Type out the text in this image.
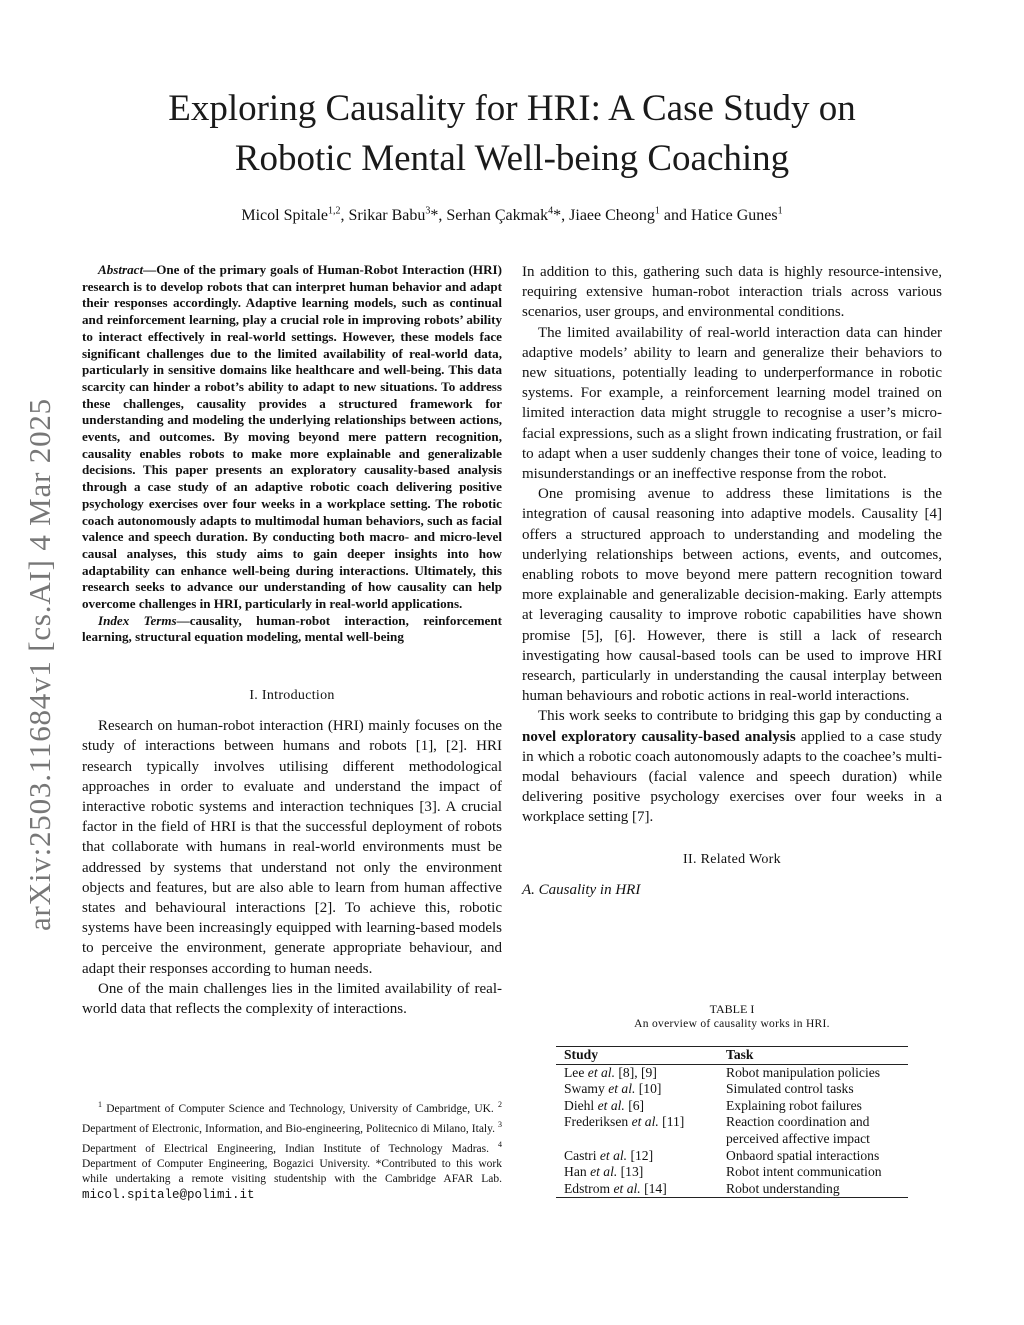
Exploring Causality for HRI: A Case Study on
Robotic Mental Well-being Coaching
Micol Spitale$^{1,2}$, Srikar Babu$^3$*, Serhan Çakmak$^4$*, Jiaee Cheong$^1$ and Hatice Gunes$^1$
arXiv:2503.11684v1 [cs.AI] 4 Mar 2025

Abstract—One of the primary goals of Human-Robot Interaction (HRI) research is to develop robots that can interpret human behavior and adapt their responses accordingly. Adaptive learning models, such as continual and reinforcement learning, play a crucial role in improving robots’ ability to interact effectively in real-world settings. However, these models face significant challenges due to the limited availability of real-world data, particularly in sensitive domains like healthcare and well-being. This data scarcity can hinder a robot’s ability to adapt to new situations. To address these challenges, causality provides a structured framework for understanding and modeling the underlying relationships between actions, events, and outcomes. By moving beyond mere pattern recognition, causality enables robots to make more explainable and generalizable decisions. This paper presents an exploratory causality-based analysis through a case study of an adaptive robotic coach delivering positive psychology exercises over four weeks in a workplace setting. The robotic coach autonomously adapts to multimodal human behaviors, such as facial valence and speech duration. By conducting both macro- and micro-level causal analyses, this study aims to gain deeper insights into how adaptability can enhance well-being during interactions. Ultimately, this research seeks to advance our understanding of how causality can help overcome challenges in HRI, particularly in real-world applications.

Index Terms—causality, human-robot interaction, reinforcement learning, structural equation modeling, mental well-being

I. Introduction

Research on human-robot interaction (HRI) mainly focuses on the study of interactions between humans and robots [1], [2]. HRI research typically involves utilising different methodological approaches in order to evaluate and understand the impact of interactive robotic systems and interaction techniques [3]. A crucial factor in the field of HRI is that the successful deployment of robots that collaborate with humans in real-world environments must be addressed by systems that understand not only the environment objects and features, but are also able to learn from human affective states and behavioural interactions [2]. To achieve this, robotic systems have been increasingly equipped with learning-based models to perceive the environment, generate appropriate behaviour, and adapt their responses according to human needs.

One of the main challenges lies in the limited availability of real-world data that reflects the complexity of interactions.

$^1$ Department of Computer Science and Technology, University of Cambridge, UK. $^2$ Department of Electronic, Information, and Bio-engineering, Politecnico di Milano, Italy. $^3$ Department of Electrical Engineering, Indian Institute of Technology Madras. $^4$ Department of Computer Engineering, Bogazici University. *Contributed to this work while undertaking a remote visiting studentship with the Cambridge AFAR Lab. micol.spitale@polimi.it

In addition to this, gathering such data is highly resource-intensive, requiring extensive human-robot interaction trials across various scenarios, user groups, and environmental conditions.

The limited availability of real-world interaction data can hinder adaptive models’ ability to learn and generalize their behaviors to new situations, potentially leading to underperformance in robotic systems. For example, a reinforcement learning model trained on limited interaction data might struggle to recognise a user’s micro-facial expressions, such as a slight frown indicating frustration, or fail to adapt when a user suddenly changes their tone of voice, leading to misunderstandings or an ineffective response from the robot.

One promising avenue to address these limitations is the integration of causal reasoning into adaptive models. Causality [4] offers a structured approach to understanding and modeling the underlying relationships between actions, events, and outcomes, enabling robots to move beyond mere pattern recognition toward more explainable and generalizable decision-making. Early attempts at leveraging causality to improve robotic capabilities have shown promise [5], [6]. However, there is still a lack of research investigating how causal-based tools can be used to improve HRI research, particularly in understanding the causal interplay between human behaviours and robotic actions in real-world interactions.

This work seeks to contribute to bridging this gap by conducting a novel exploratory causality-based analysis applied to a case study in which a robotic coach autonomously adapts to the coachee’s multi-modal behaviours (facial valence and speech duration) while delivering positive psychology exercises over four weeks in a workplace setting [7].

II. Related Work
A. Causality in HRI
TABLE I
An overview of causality works in HRI.
Study	Task
Lee et al. [8], [9]	Robot manipulation policies
Swamy et al. [10]	Simulated control tasks
Diehl et al. [6]	Explaining robot failures
Frederiksen et al. [11]	Reaction coordination and perceived affective impact
Castri et al. [12]	Onbaord spatial interactions
Han et al. [13]	Robot intent communication
Edstrom et al. [14]	Robot understanding
